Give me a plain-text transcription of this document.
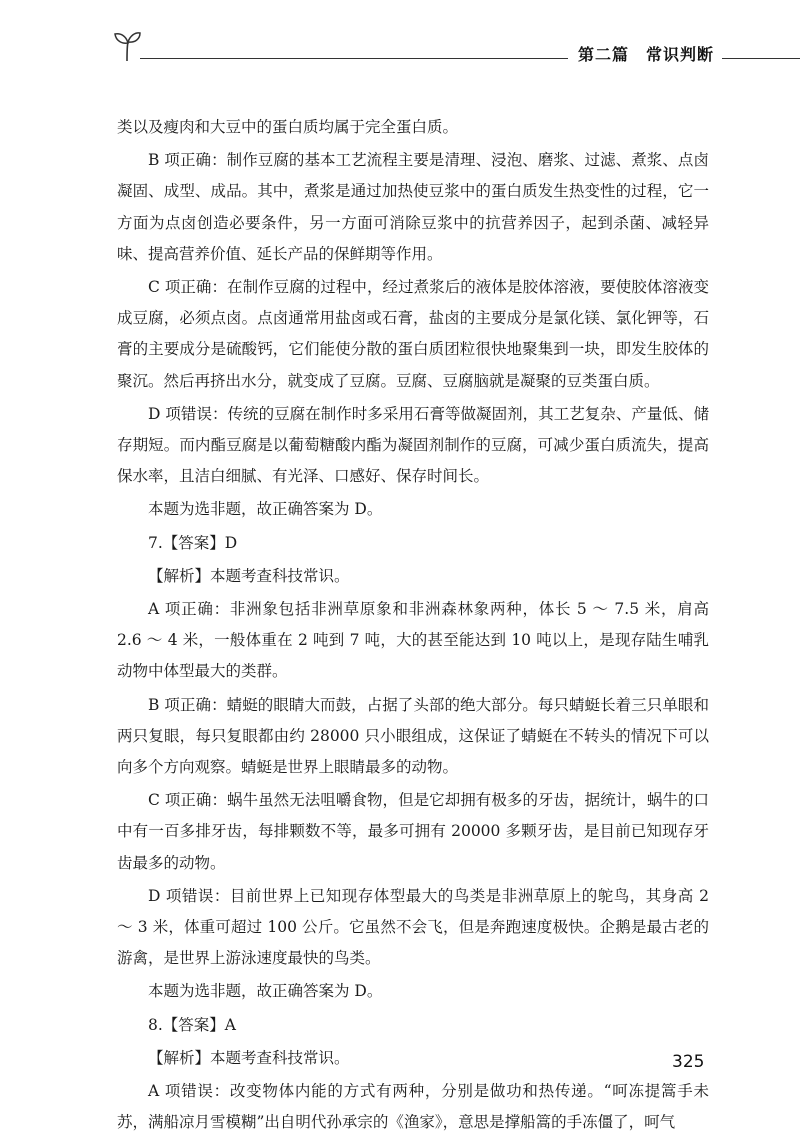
第二篇　常识判断

类以及瘦肉和大豆中的蛋白质均属于完全蛋白质。

B 项正确：制作豆腐的基本工艺流程主要是清理、浸泡、磨浆、过滤、煮浆、点卤凝固、成型、成品。其中，煮浆是通过加热使豆浆中的蛋白质发生热变性的过程，它一方面为点卤创造必要条件，另一方面可消除豆浆中的抗营养因子，起到杀菌、减轻异味、提高营养价值、延长产品的保鲜期等作用。

C 项正确：在制作豆腐的过程中，经过煮浆后的液体是胶体溶液，要使胶体溶液变成豆腐，必须点卤。点卤通常用盐卤或石膏，盐卤的主要成分是氯化镁、氯化钾等，石膏的主要成分是硫酸钙，它们能使分散的蛋白质团粒很快地聚集到一块，即发生胶体的聚沉。然后再挤出水分，就变成了豆腐。豆腐、豆腐脑就是凝聚的豆类蛋白质。

D 项错误：传统的豆腐在制作时多采用石膏等做凝固剂，其工艺复杂、产量低、储存期短。而内酯豆腐是以葡萄糖酸内酯为凝固剂制作的豆腐，可减少蛋白质流失，提高保水率，且洁白细腻、有光泽、口感好、保存时间长。

本题为选非题，故正确答案为 D。

7.【答案】D

【解析】本题考查科技常识。

A 项正确：非洲象包括非洲草原象和非洲森林象两种，体长 5 ～ 7.5 米，肩高 2.6 ～ 4 米，一般体重在 2 吨到 7 吨，大的甚至能达到 10 吨以上，是现存陆生哺乳动物中体型最大的类群。

B 项正确：蜻蜓的眼睛大而鼓，占据了头部的绝大部分。每只蜻蜓长着三只单眼和两只复眼，每只复眼都由约 28000 只小眼组成，这保证了蜻蜓在不转头的情况下可以向多个方向观察。蜻蜓是世界上眼睛最多的动物。

C 项正确：蜗牛虽然无法咀嚼食物，但是它却拥有极多的牙齿，据统计，蜗牛的口中有一百多排牙齿，每排颗数不等，最多可拥有 20000 多颗牙齿，是目前已知现存牙齿最多的动物。

D 项错误：目前世界上已知现存体型最大的鸟类是非洲草原上的鸵鸟，其身高 2 ～ 3 米，体重可超过 100 公斤。它虽然不会飞，但是奔跑速度极快。企鹅是最古老的游禽，是世界上游泳速度最快的鸟类。

本题为选非题，故正确答案为 D。

8.【答案】A

【解析】本题考查科技常识。

A 项错误：改变物体内能的方式有两种，分别是做功和热传递。“呵冻提篙手未苏，满船凉月雪模糊”出自明代孙承宗的《渔家》，意思是撑船篙的手冻僵了，呵气

325
